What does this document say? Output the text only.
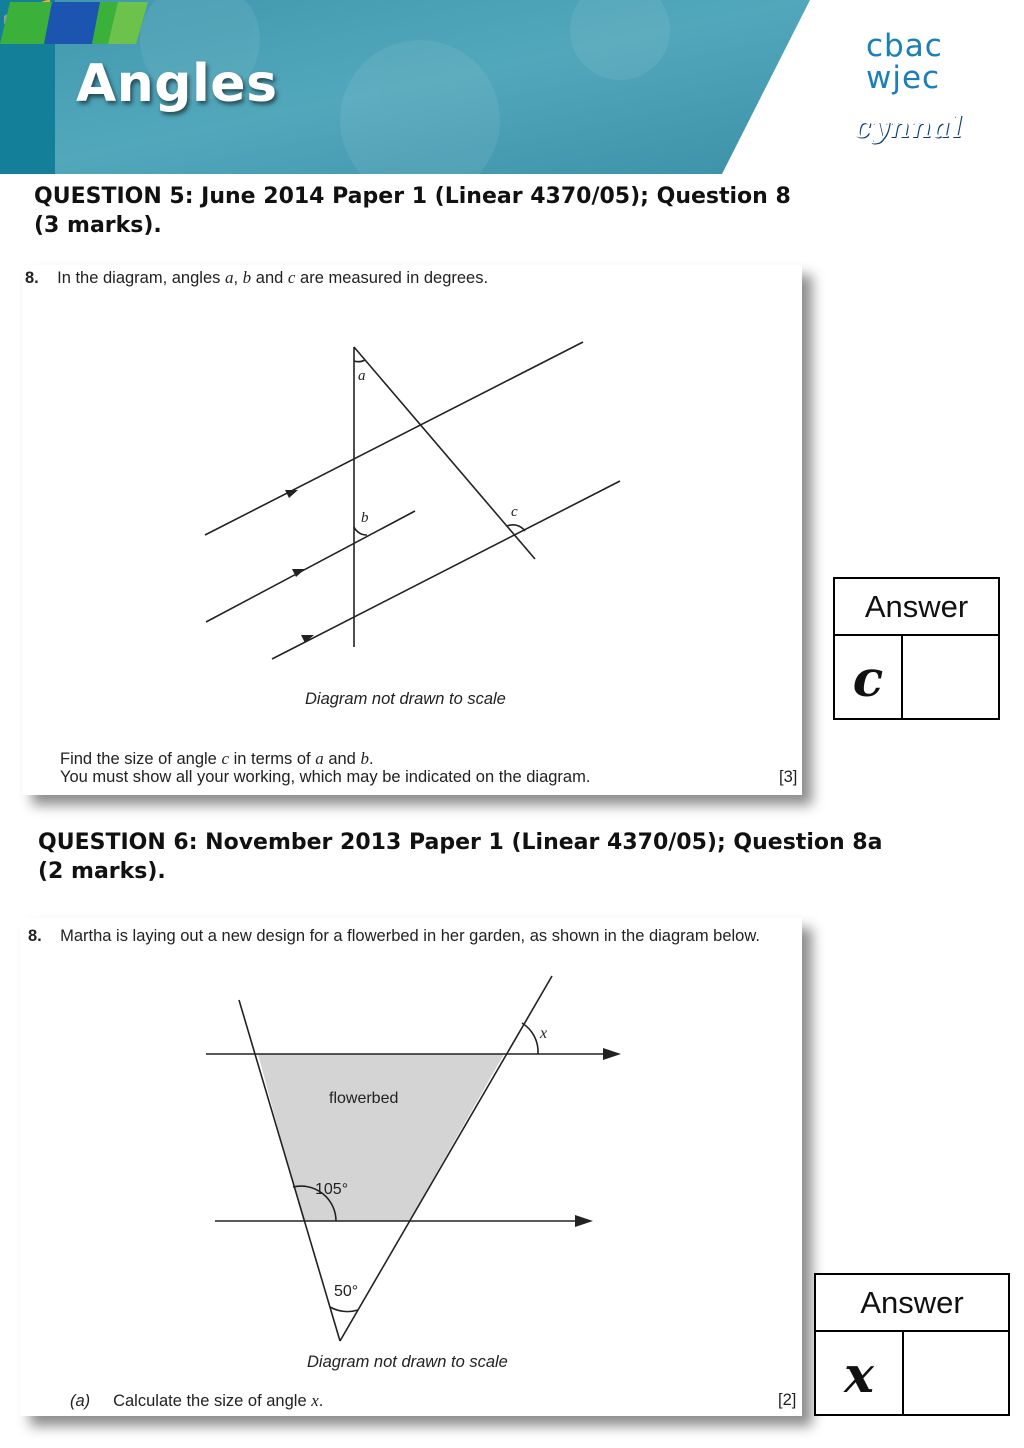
Angles
cbac
wjec
cynnal
QUESTION 5: June 2014 Paper 1 (Linear 4370/05); Question 8
(3 marks).
8. In the diagram, angles a, b and c are measured in degrees.
a
b	c
Diagram not drawn to scale
Find the size of angle c in terms of a and b.
You must show all your working, which may be indicated on the diagram.	[3]
Answer
c
QUESTION 6: November 2013 Paper 1 (Linear 4370/05); Question 8a
(2 marks).
8. Martha is laying out a new design for a flowerbed in her garden, as shown in the diagram below.
x
flowerbed
105°
50°
Diagram not drawn to scale
(a) Calculate the size of angle x.	[2]
Answer
x
